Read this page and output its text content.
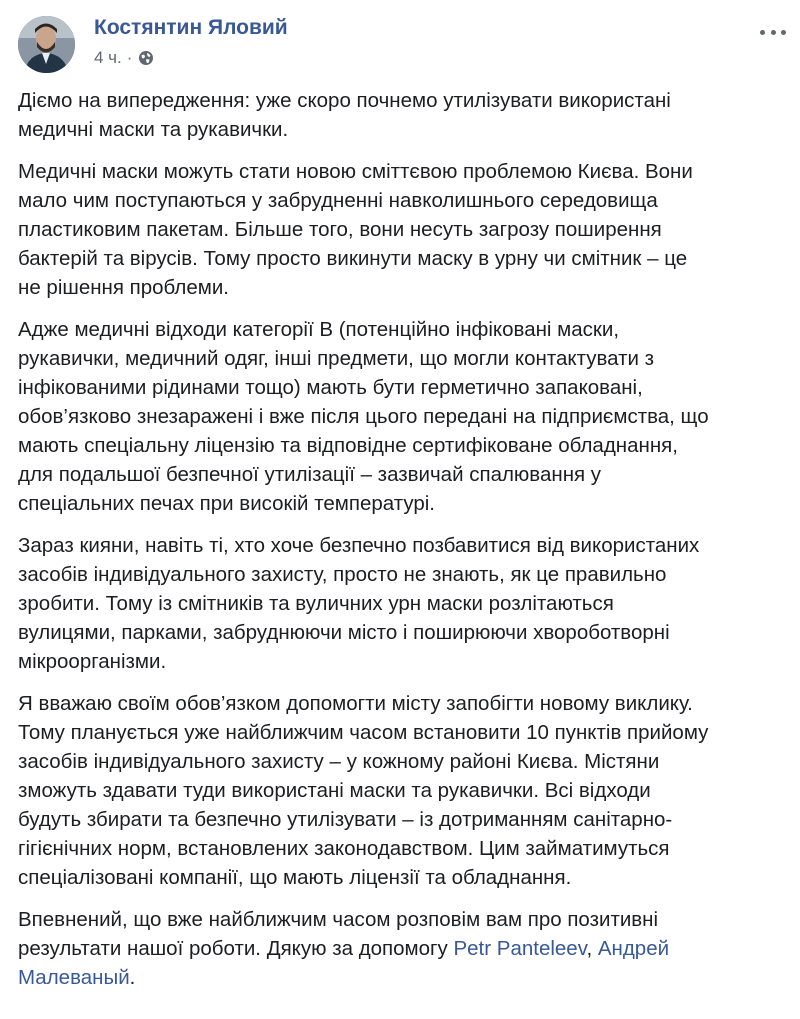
Костянтин Яловий
4 ч. ·

Діємо на випередження: уже скоро почнемо утилізувати використані
медичні маски та рукавички.

Медичні маски можуть стати новою сміттєвою проблемою Києва. Вони
мало чим поступаються у забрудненні навколишнього середовища
пластиковим пакетам. Більше того, вони несуть загрозу поширення
бактерій та вірусів. Тому просто викинути маску в урну чи смітник – це
не рішення проблеми.

Адже медичні відходи категорії В (потенційно інфіковані маски,
рукавички, медичний одяг, інші предмети, що могли контактувати з
інфікованими рідинами тощо) мають бути герметично запаковані,
обов’язково знезаражені і вже після цього передані на підприємства, що
мають спеціальну ліцензію та відповідне сертифіковане обладнання,
для подальшої безпечної утилізації – зазвичай спалювання у
спеціальних печах при високій температурі.

Зараз кияни, навіть ті, хто хоче безпечно позбавитися від використаних
засобів індивідуального захисту, просто не знають, як це правильно
зробити. Тому із смітників та вуличних урн маски розлітаються
вулицями, парками, забруднюючи місто і поширюючи хвороботворні
мікроорганізми.

Я вважаю своїм обов’язком допомогти місту запобігти новому виклику.
Тому планується уже найближчим часом встановити 10 пунктів прийому
засобів індивідуального захисту – у кожному районі Києва. Містяни
зможуть здавати туди використані маски та рукавички. Всі відходи
будуть збирати та безпечно утилізувати – із дотриманням санітарно-
гігієнічних норм, встановлених законодавством. Цим займатимуться
спеціалізовані компанії, що мають ліцензії та обладнання.

Впевнений, що вже найближчим часом розповім вам про позитивні
результати нашої роботи. Дякую за допомогу Petr Panteleev, Андрей
Малеваный.
